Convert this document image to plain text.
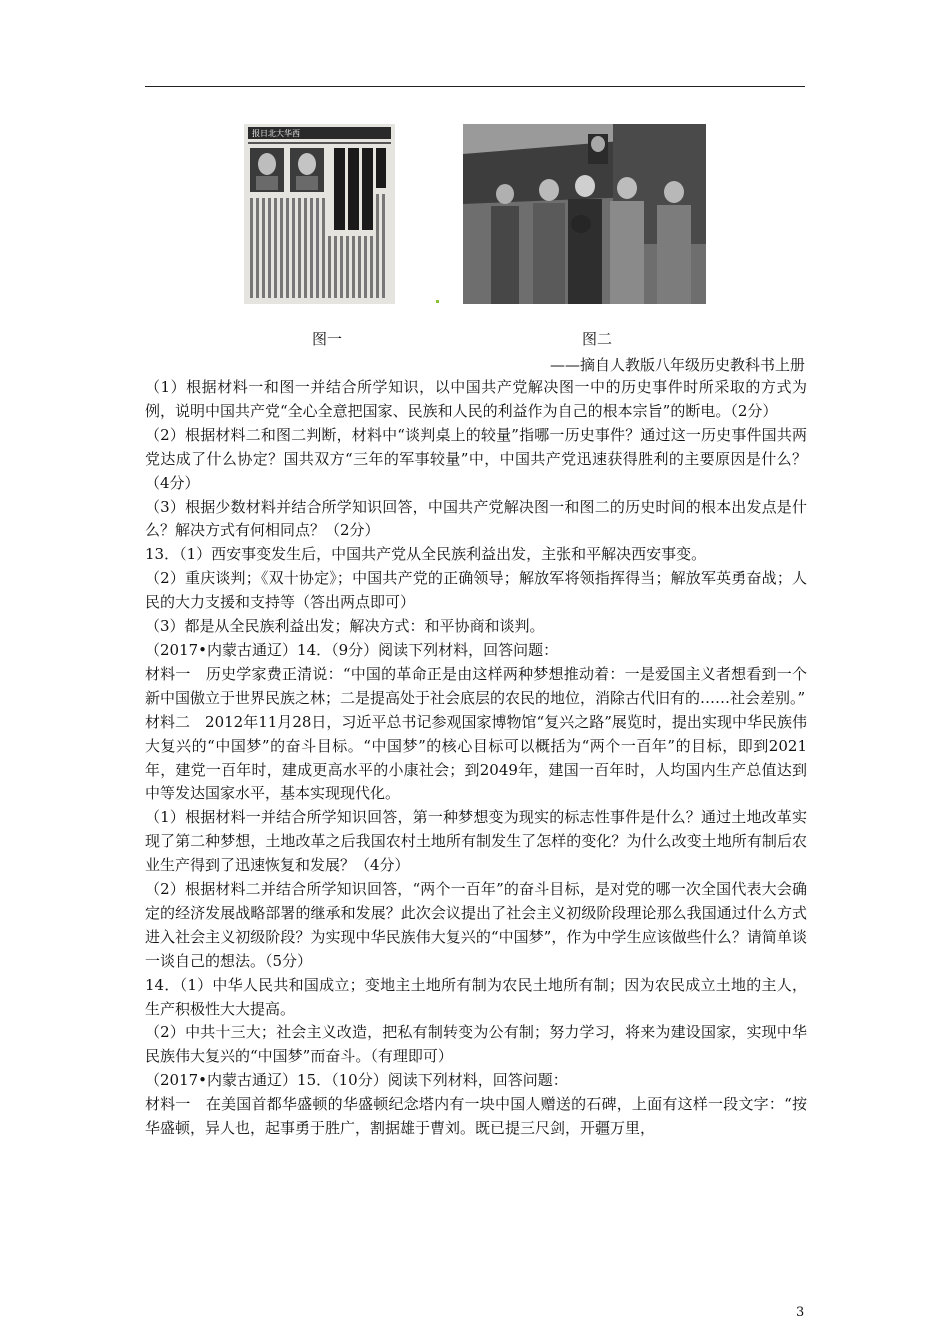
报日北大华西
图一	图二
——摘自人教版八年级历史教科书上册

（1）根据材料一和图一并结合所学知识，以中国共产党解决图一中的历史事件时所采取的方式为例，说明中国共产党“全心全意把国家、民族和人民的利益作为自己的根本宗旨”的断电。（2分）

（2）根据材料二和图二判断，材料中“谈判桌上的较量”指哪一历史事件？通过这一历史事件国共两党达成了什么协定？国共双方“三年的军事较量”中，中国共产党迅速获得胜利的主要原因是什么？（4分）

（3）根据少数材料并结合所学知识回答，中国共产党解决图一和图二的历史时间的根本出发点是什么？解决方式有何相同点？（2分）

13．（1）西安事变发生后，中国共产党从全民族利益出发，主张和平解决西安事变。

（2）重庆谈判；《双十协定》；中国共产党的正确领导；解放军将领指挥得当；解放军英勇奋战；人民的大力支援和支持等（答出两点即可）

（3）都是从全民族利益出发；解决方式：和平协商和谈判。

（2017•内蒙古通辽）14．（9分）阅读下列材料，回答问题：

材料一　历史学家费正清说：“中国的革命正是由这样两种梦想推动着：一是爱国主义者想看到一个新中国傲立于世界民族之林；二是提高处于社会底层的农民的地位，消除古代旧有的……社会差别。”

材料二　2012年11月28日，习近平总书记参观国家博物馆“复兴之路”展览时，提出实现中华民族伟大复兴的“中国梦”的奋斗目标。“中国梦”的核心目标可以概括为“两个一百年”的目标，即到2021年，建党一百年时，建成更高水平的小康社会；到2049年，建国一百年时，人均国内生产总值达到中等发达国家水平，基本实现现代化。

（1）根据材料一并结合所学知识回答，第一种梦想变为现实的标志性事件是什么？通过土地改革实现了第二种梦想，土地改革之后我国农村土地所有制发生了怎样的变化？为什么改变土地所有制后农业生产得到了迅速恢复和发展？（4分）

（2）根据材料二并结合所学知识回答，“两个一百年”的奋斗目标，是对党的哪一次全国代表大会确定的经济发展战略部署的继承和发展？此次会议提出了社会主义初级阶段理论那么我国通过什么方式进入社会主义初级阶段？为实现中华民族伟大复兴的“中国梦”，作为中学生应该做些什么？请简单谈一谈自己的想法。（5分）

14．（1）中华人民共和国成立；变地主土地所有制为农民土地所有制；因为农民成立土地的主人，生产积极性大大提高。

（2）中共十三大；社会主义改造，把私有制转变为公有制；努力学习，将来为建设国家，实现中华民族伟大复兴的“中国梦”而奋斗。（有理即可）

（2017•内蒙古通辽）15．（10分）阅读下列材料，回答问题：

材料一　在美国首都华盛顿的华盛顿纪念塔内有一块中国人赠送的石碑，上面有这样一段文字：“按华盛顿，异人也，起事勇于胜广，割据雄于曹刘。既已提三尺剑，开疆万里，

3
